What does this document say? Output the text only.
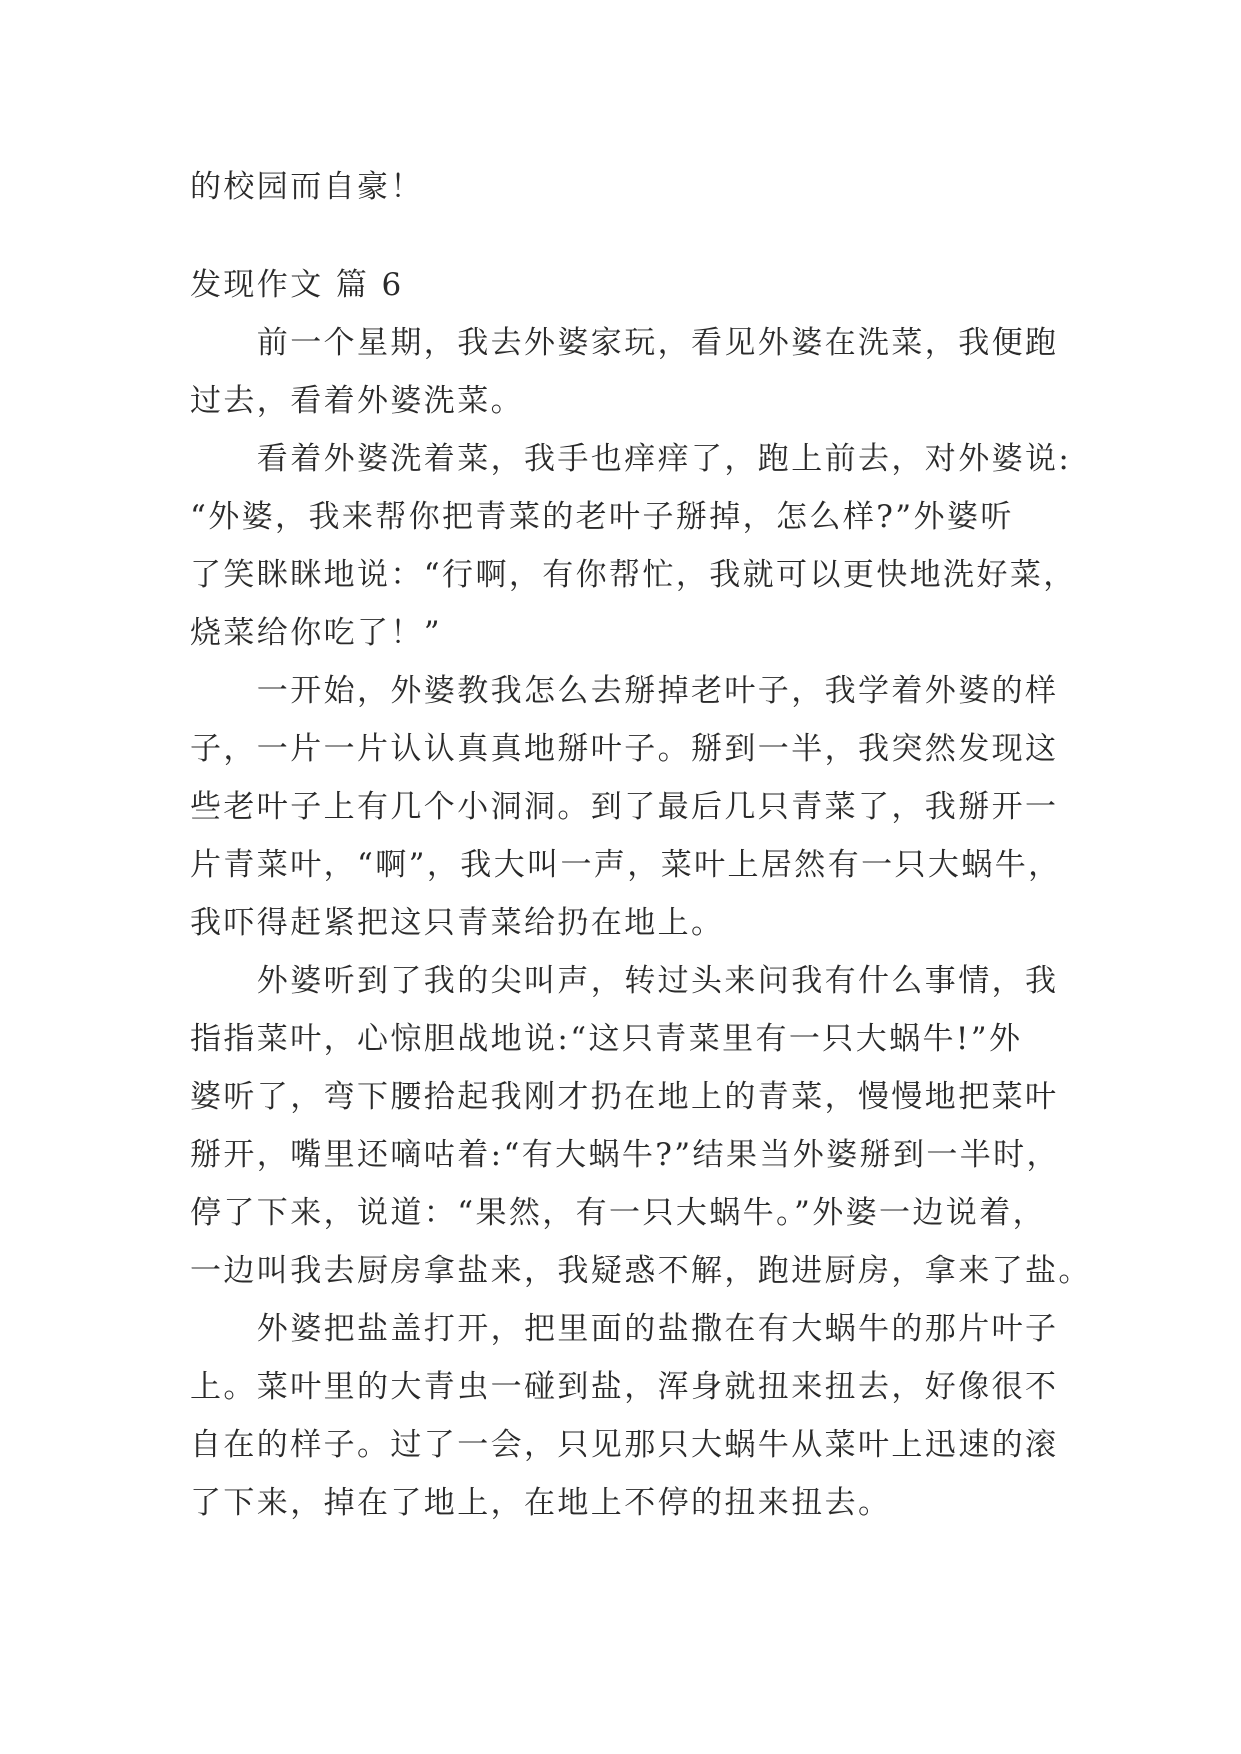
的校园而自豪！

发现作文 篇 6

　　前一个星期，我去外婆家玩，看见外婆在洗菜，我便跑

过去，看着外婆洗菜。

　　看着外婆洗着菜，我手也痒痒了，跑上前去，对外婆说:

“外婆，我来帮你把青菜的老叶子掰掉，怎么样?”外婆听

了笑眯眯地说：“行啊，有你帮忙，我就可以更快地洗好菜，

烧菜给你吃了！”

　　一开始，外婆教我怎么去掰掉老叶子，我学着外婆的样

子，一片一片认认真真地掰叶子。掰到一半，我突然发现这

些老叶子上有几个小洞洞。到了最后几只青菜了，我掰开一

片青菜叶，“啊”，我大叫一声，菜叶上居然有一只大蜗牛，

我吓得赶紧把这只青菜给扔在地上。

　　外婆听到了我的尖叫声，转过头来问我有什么事情，我

指指菜叶，心惊胆战地说:“这只青菜里有一只大蜗牛!”外

婆听了，弯下腰拾起我刚才扔在地上的青菜，慢慢地把菜叶

掰开，嘴里还嘀咕着:“有大蜗牛?”结果当外婆掰到一半时，

停了下来，说道：“果然，有一只大蜗牛。”外婆一边说着，

一边叫我去厨房拿盐来，我疑惑不解，跑进厨房，拿来了盐。

　　外婆把盐盖打开，把里面的盐撒在有大蜗牛的那片叶子

上。菜叶里的大青虫一碰到盐，浑身就扭来扭去，好像很不

自在的样子。过了一会，只见那只大蜗牛从菜叶上迅速的滚

了下来，掉在了地上，在地上不停的扭来扭去。
